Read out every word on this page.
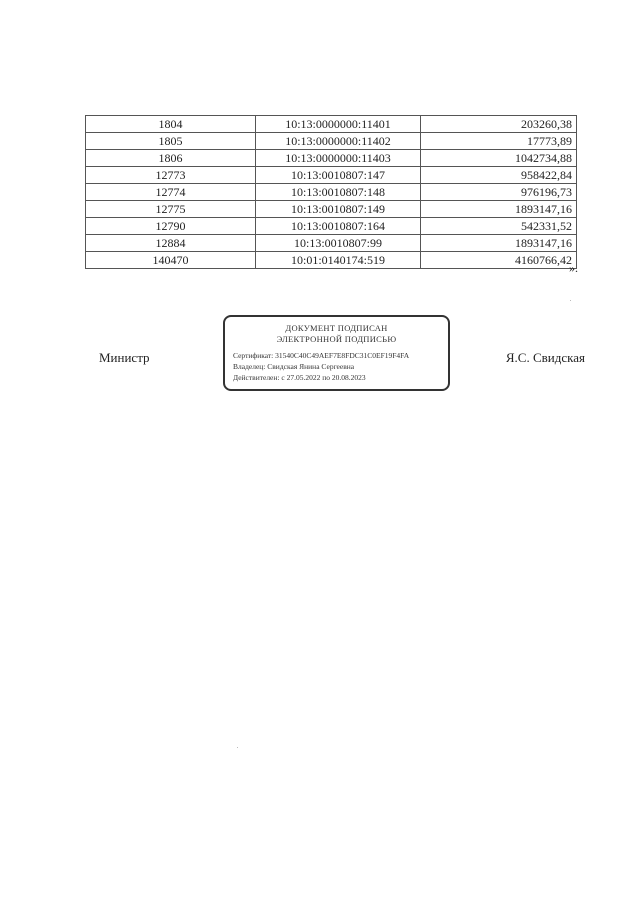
1804	10:13:0000000:11401	203260,38
1805	10:13:0000000:11402	17773,89
1806	10:13:0000000:11403	1042734,88
12773	10:13:0010807:147	958422,84
12774	10:13:0010807:148	976196,73
12775	10:13:0010807:149	1893147,16
12790	10:13:0010807:164	542331,52
12884	10:13:0010807:99	1893147,16
140470	10:01:0140174:519	4160766,42
».
Министр	Я.С. Свидская
ДОКУМЕНТ ПОДПИСАН
ЭЛЕКТРОННОЙ ПОДПИСЬЮ
Сертификат: 31540C40C49AEF7E8FDC31C0EF19F4FA
Владелец: Свидская Янина Сергеевна
Действителен: с 27.05.2022 по 20.08.2023
